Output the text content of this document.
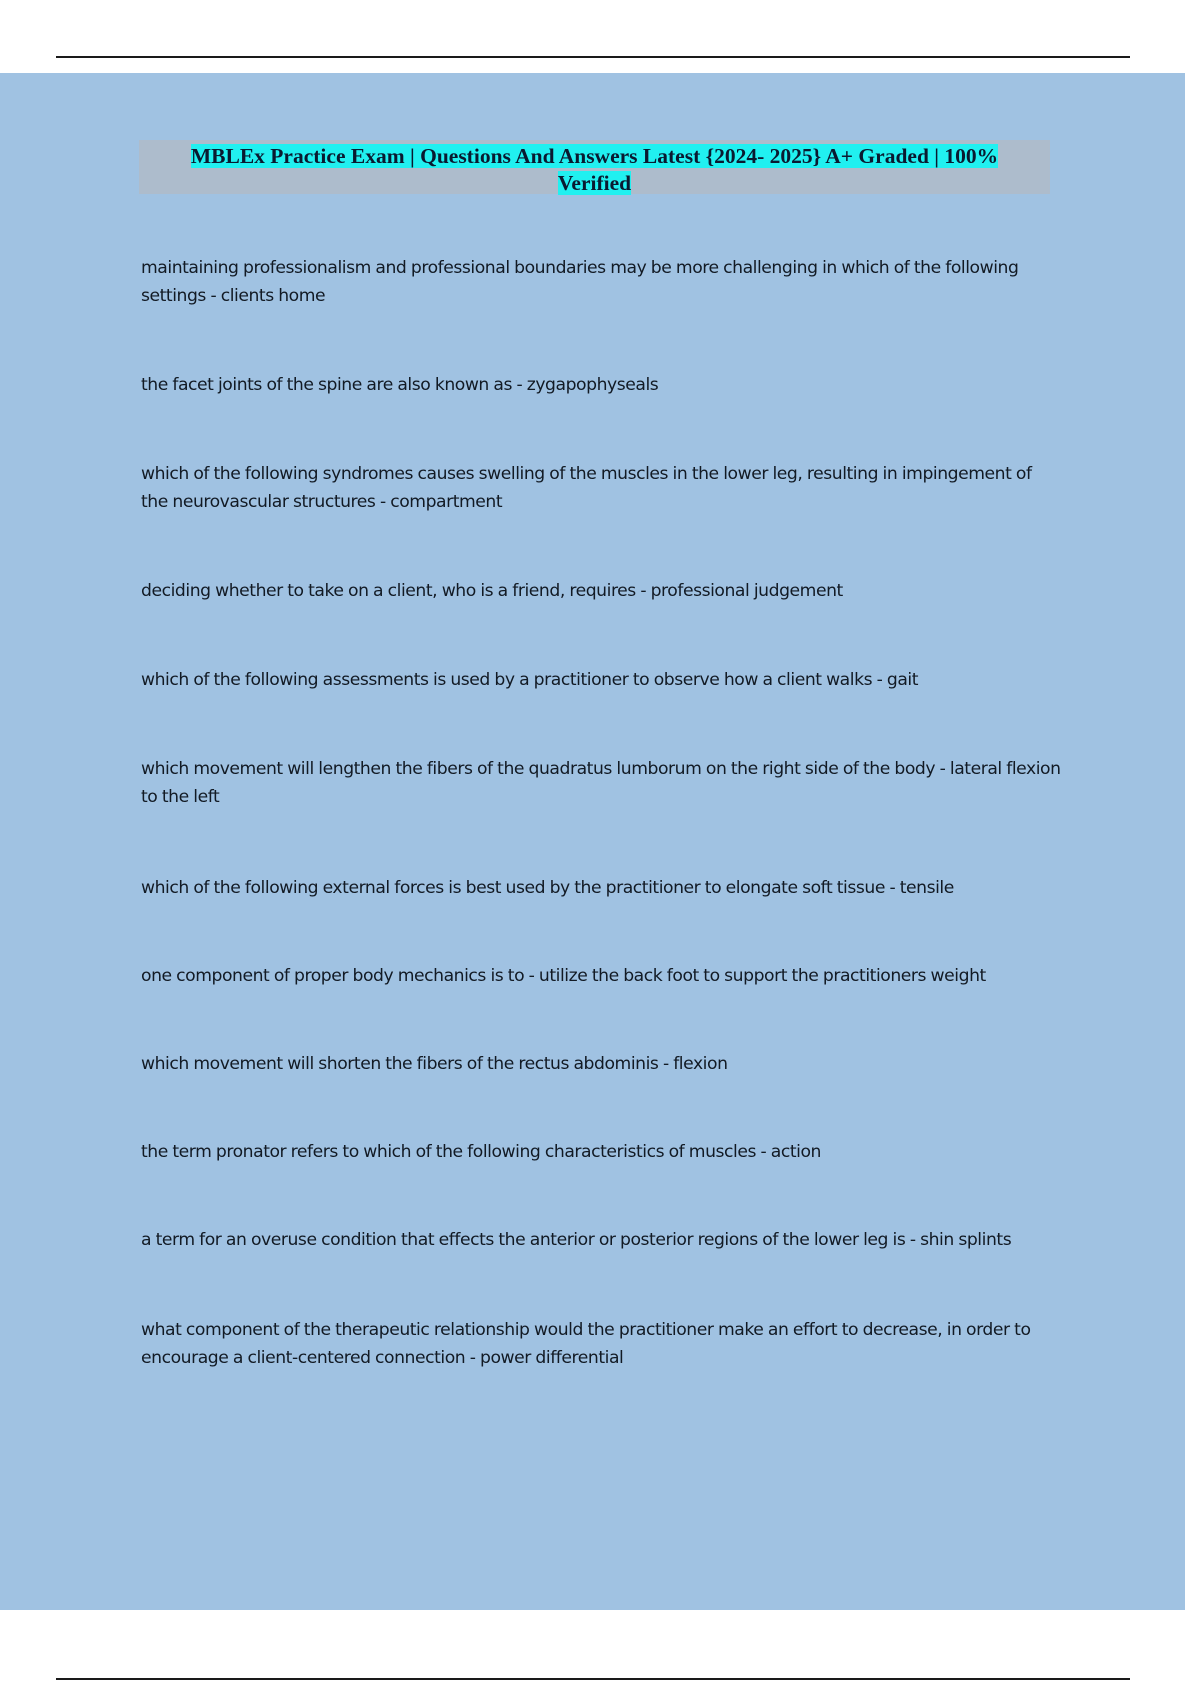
MBLEx Practice Exam | Questions And Answers Latest {2024- 2025} A+ Graded | 100%
Verified

maintaining professionalism and professional boundaries may be more challenging in which of the following settings - clients home

the facet joints of the spine are also known as - zygapophyseals

which of the following syndromes causes swelling of the muscles in the lower leg, resulting in impingement of the neurovascular structures - compartment

deciding whether to take on a client, who is a friend, requires - professional judgement

which of the following assessments is used by a practitioner to observe how a client walks - gait

which movement will lengthen the fibers of the quadratus lumborum on the right side of the body - lateral flexion to the left

which of the following external forces is best used by the practitioner to elongate soft tissue - tensile

one component of proper body mechanics is to - utilize the back foot to support the practitioners weight

which movement will shorten the fibers of the rectus abdominis - flexion

the term pronator refers to which of the following characteristics of muscles - action

a term for an overuse condition that effects the anterior or posterior regions of the lower leg is - shin splints

what component of the therapeutic relationship would the practitioner make an effort to decrease, in order to encourage a client-centered connection - power differential
